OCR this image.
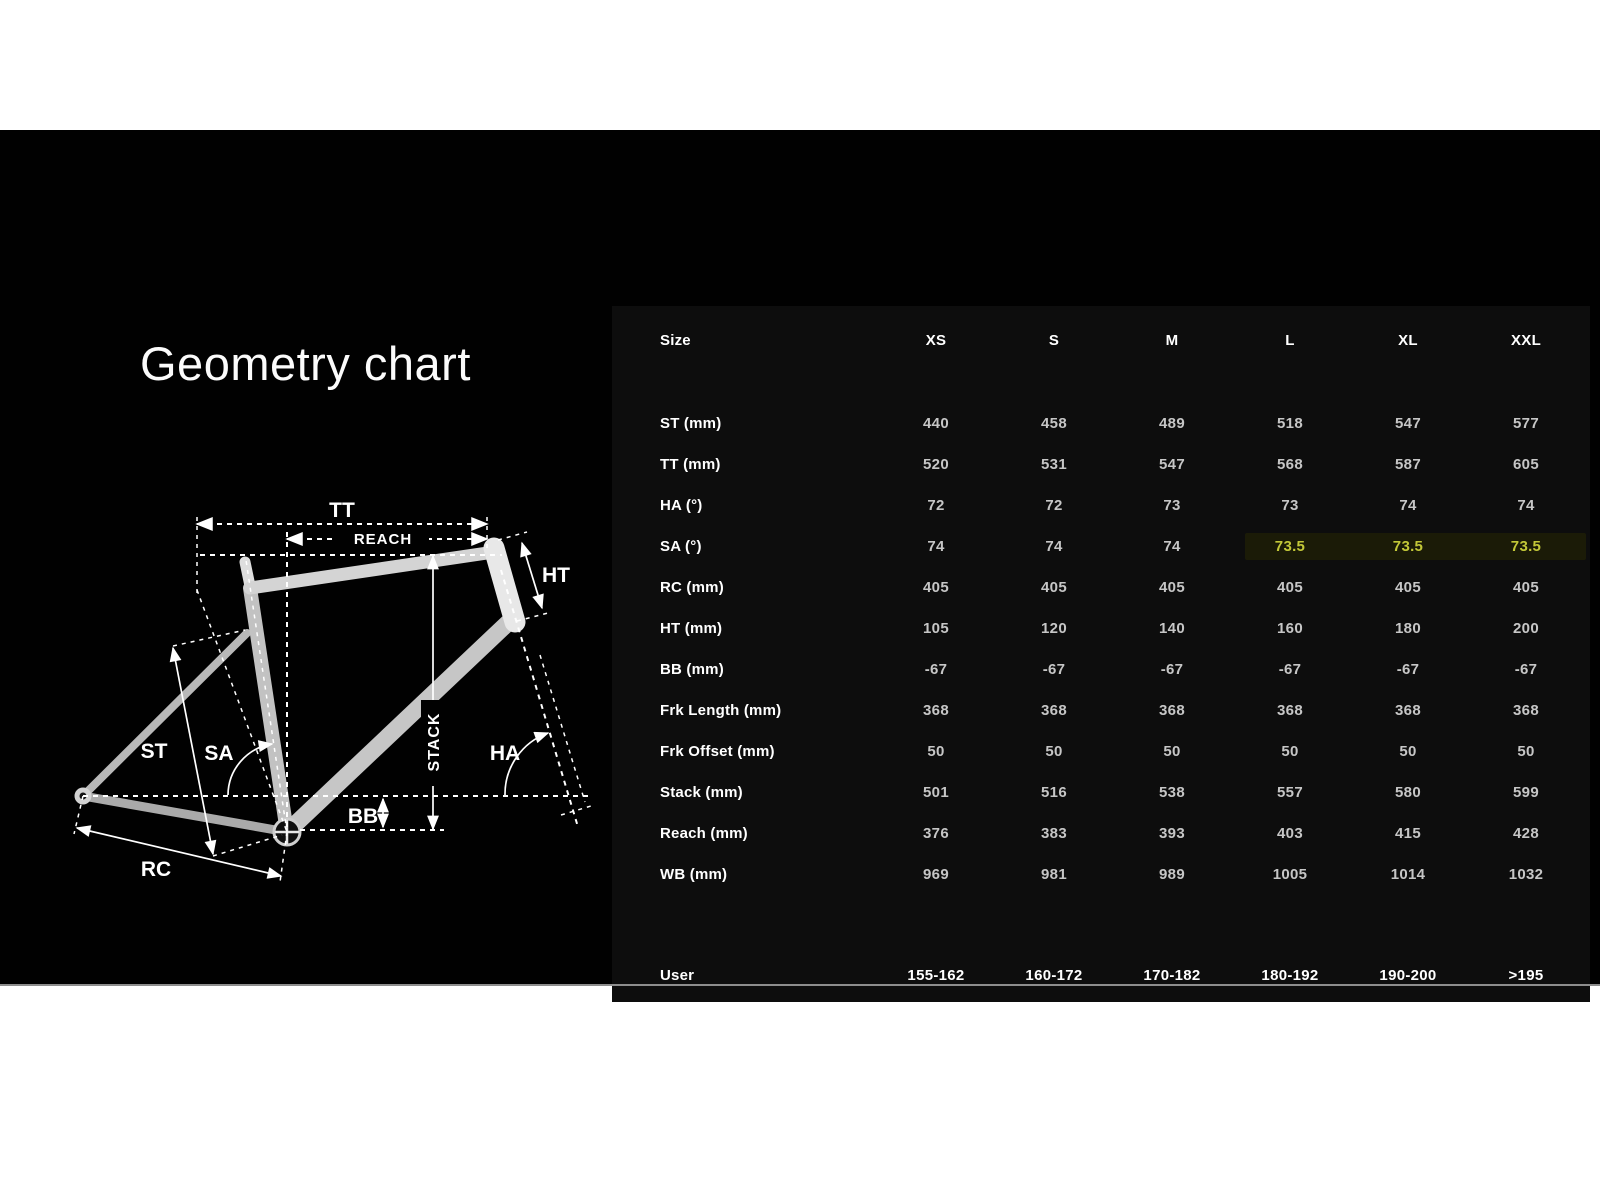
Geometry chart
TT
REACH
STACK
HT
HA
SA
ST
BB
RC
Size	XS	S	M	L	XL	XXL
ST (mm)	440	458	489	518	547	577
TT (mm)	520	531	547	568	587	605
HA (°)	72	72	73	73	74	74
SA (°)	74	74	74	73.5	73.5	73.5
RC (mm)	405	405	405	405	405	405
HT (mm)	105	120	140	160	180	200
BB (mm)	-67	-67	-67	-67	-67	-67
Frk Length (mm)	368	368	368	368	368	368
Frk Offset (mm)	50	50	50	50	50	50
Stack (mm)	501	516	538	557	580	599
Reach (mm)	376	383	393	403	415	428
WB (mm)	969	981	989	1005	1014	1032
User	155-162	160-172	170-182	180-192	190-200	>195
